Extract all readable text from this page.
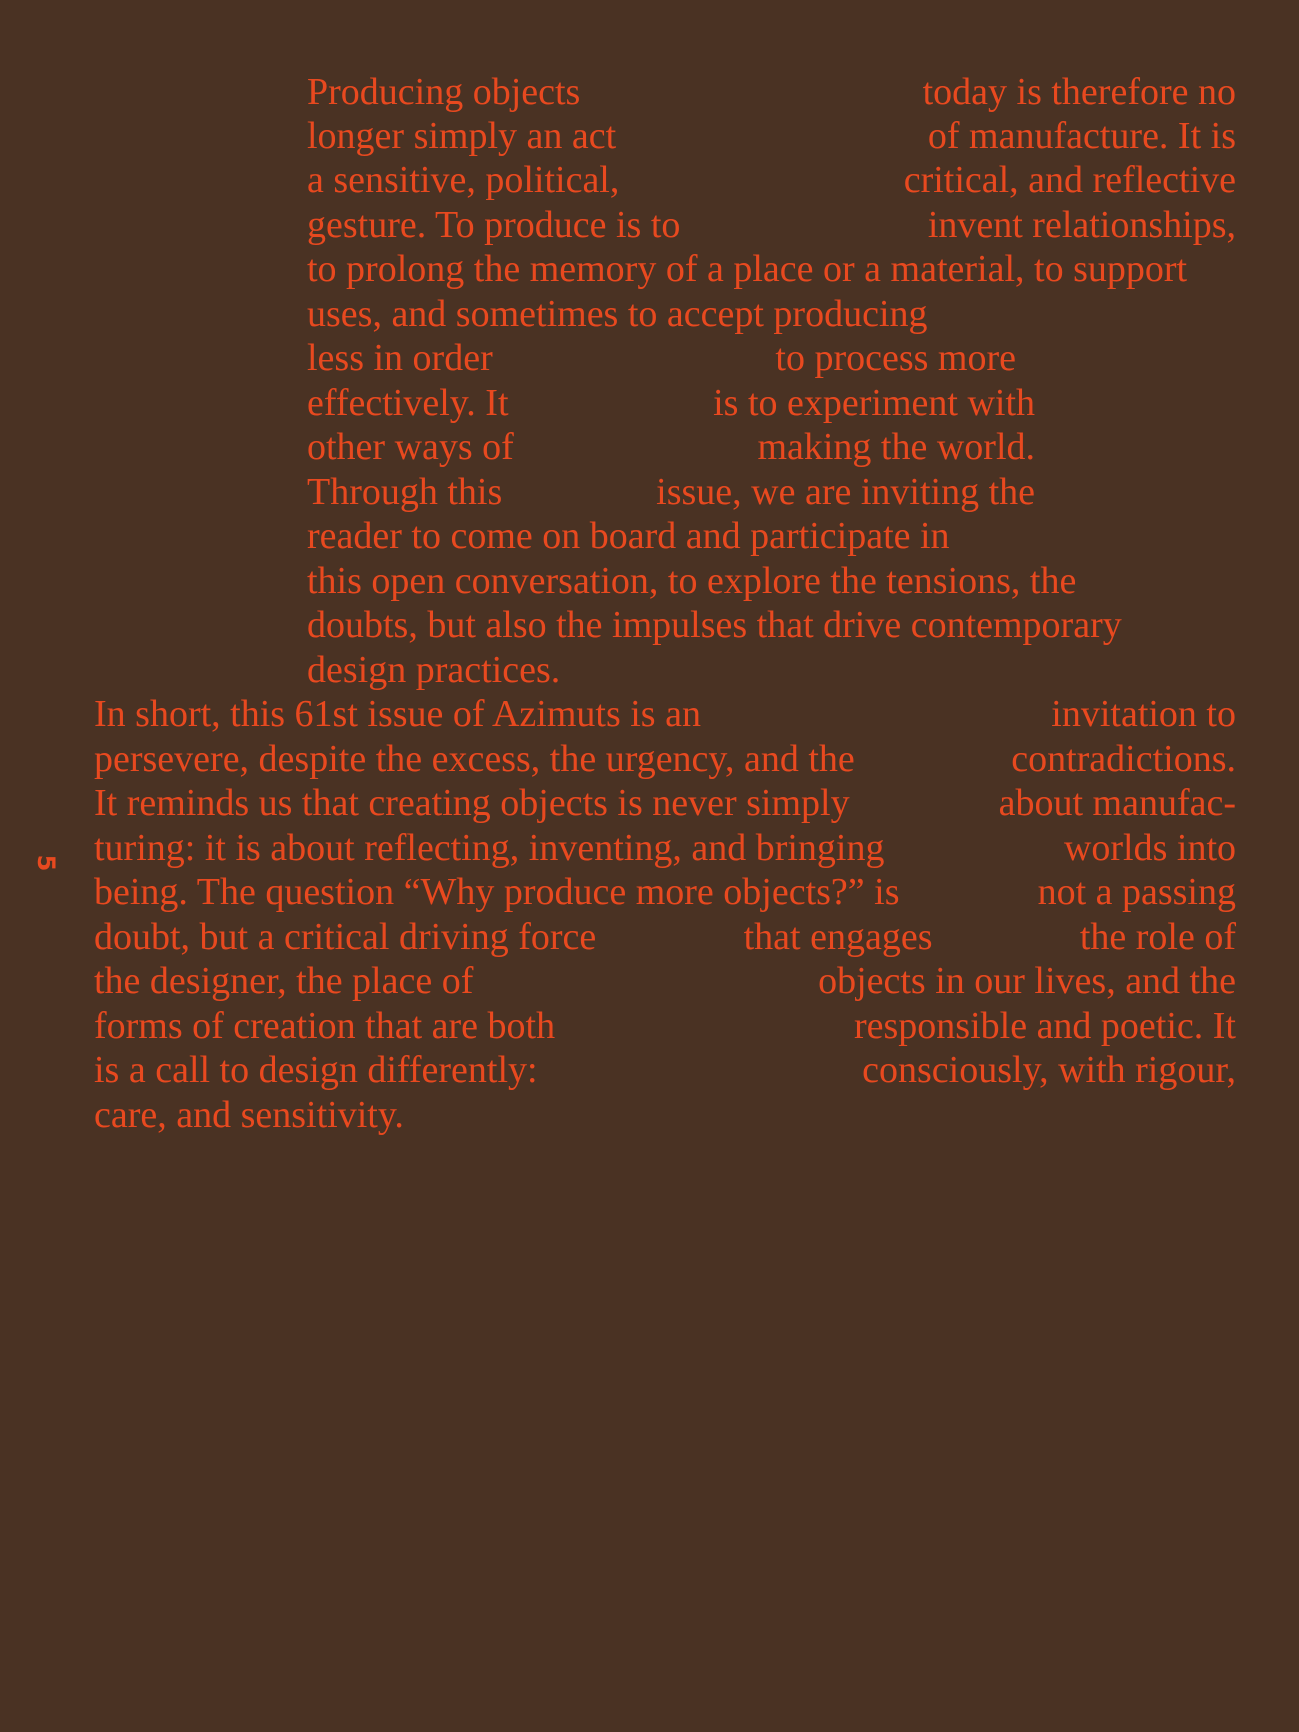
5
Producing objects	today is therefore no
longer simply an act	of manufacture. It is
a sensitive, political,	critical, and reflective
gesture. To produce is to	invent relationships,
to prolong the memory of a place or a material, to support
uses, and sometimes to accept producing
less in order	to process more
effectively. It	is to experiment with
other ways of	making the world.
Through this	issue, we are inviting the
reader to come on board and participate in
this open conversation, to explore the tensions, the
doubts, but also the impulses that drive contemporary
design practices.
In short, this 61st issue of Azimuts is an	invitation to
persevere, despite the excess, the urgency, and the	contradictions.
It reminds us that creating objects is never simply	about manufac-
turing: it is about reflecting, inventing, and bringing	worlds into
being. The question “Why produce more objects?” is	not a passing
doubt, but a critical driving force	that engages	the role of
the designer, the place of	objects in our lives, and the
forms of creation that are both	responsible and poetic. It
is a call to design differently:	consciously, with rigour,
care, and sensitivity.
